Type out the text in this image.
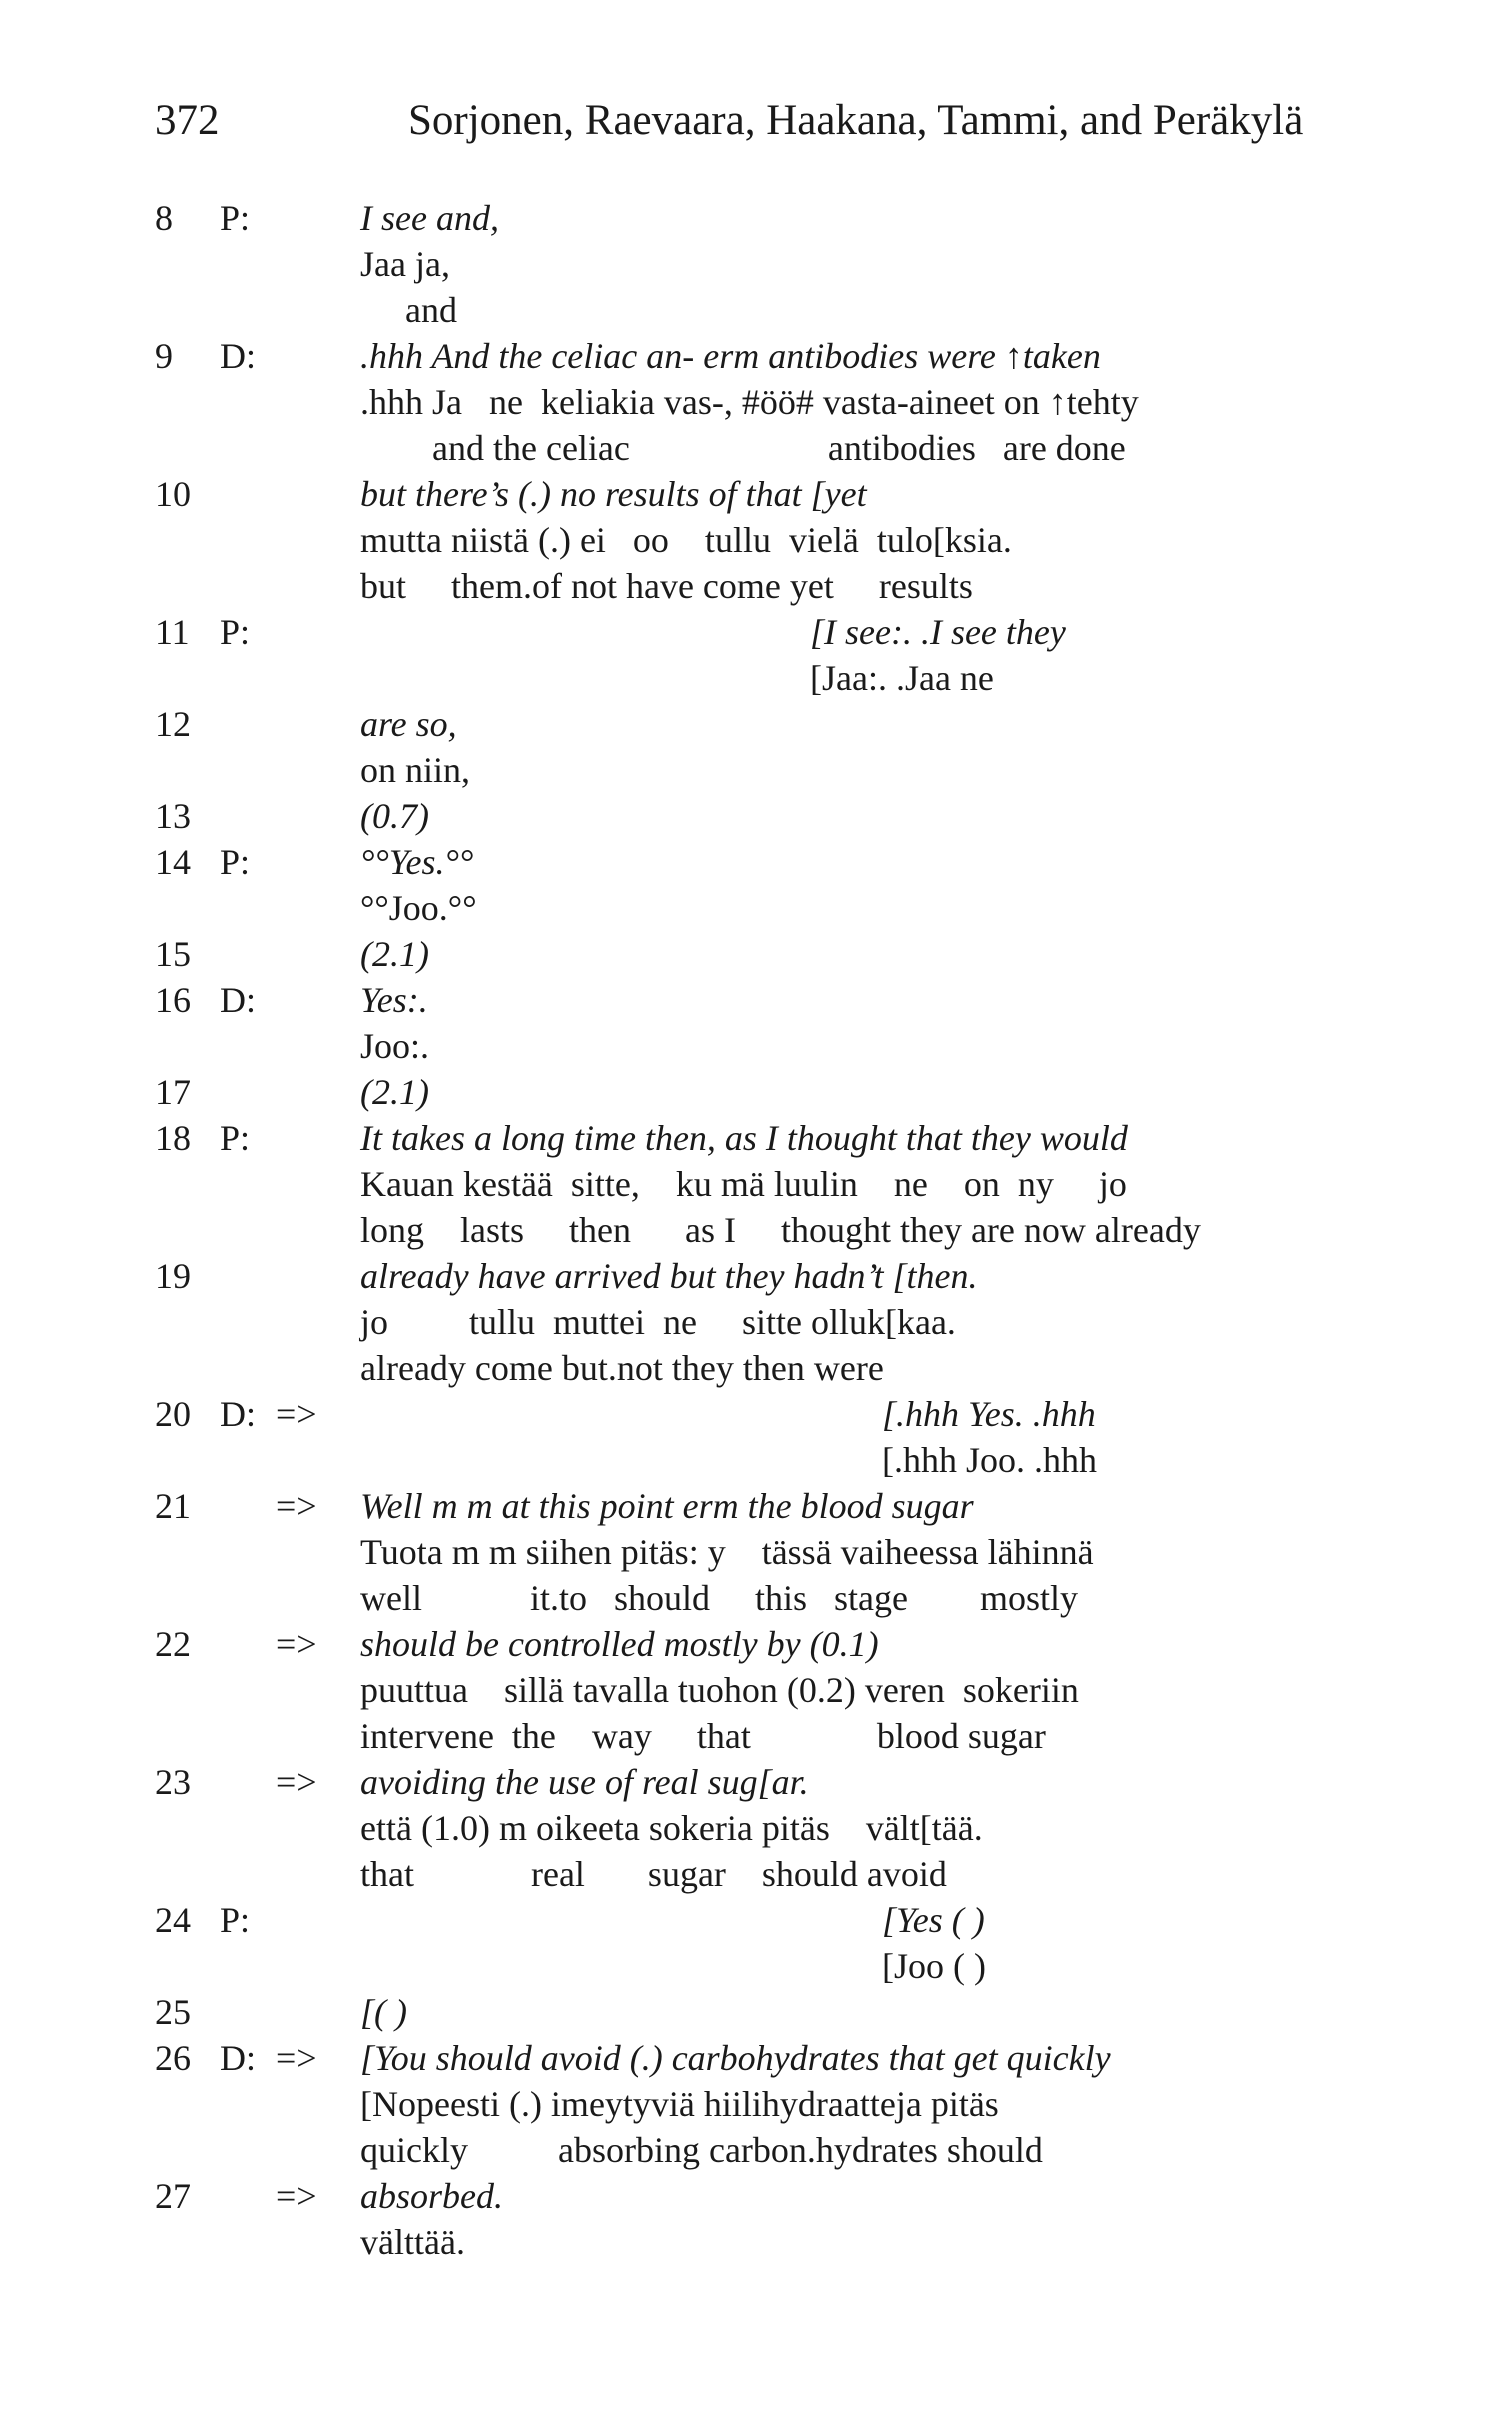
372	Sorjonen, Raevaara, Haakana, Tammi, and Peräkylä
8 P:	I see and,
Jaa ja,
and
9 D:	.hhh And the celiac an- erm antibodies were ↑taken
.hhh Ja   ne  keliakia vas-, #öö# vasta-aineet on ↑tehty
and the celiac                      antibodies   are done
10	but there’s (.) no results of that [yet
mutta niistä (.) ei   oo    tullu  vielä  tulo[ksia.
but     them.of not have come yet     results
11 P:	[I see:. .I see they
[Jaa:. .Jaa ne
12	are so,
on niin,
13	(0.7)
14 P:	°°Yes.°°
°°Joo.°°
15	(2.1)
16 D:	Yes:.
Joo:.
17	(2.1)
18 P:	It takes a long time then, as I thought that they would
Kauan kestää  sitte,    ku mä luulin    ne    on  ny     jo
long    lasts     then      as I     thought they are now already
19	already have arrived but they hadn’t [then.
jo         tullu  muttei  ne     sitte olluk[kaa.
already come but.not they then were
20 D: => [.hhh Yes. .hhh
[.hhh Joo. .hhh
21 => Well m m at this point erm the blood sugar
Tuota m m siihen pitäs: y    tässä vaiheessa lähinnä
well            it.to   should     this   stage        mostly
22 => should be controlled mostly by (0.1)
puuttua    sillä tavalla tuohon (0.2) veren  sokeriin
intervene  the    way     that              blood sugar
23 => avoiding the use of real sug[ar.
että (1.0) m oikeeta sokeria pitäs    vält[tää.
that             real       sugar    should avoid
24 P:	[Yes ( )
[Joo ( )
25	[( )
26 D: => [You should avoid (.) carbohydrates that get quickly
[Nopeesti (.) imeytyviä hiilihydraatteja pitäs
quickly          absorbing carbon.hydrates should
27 => absorbed.
välttää.
